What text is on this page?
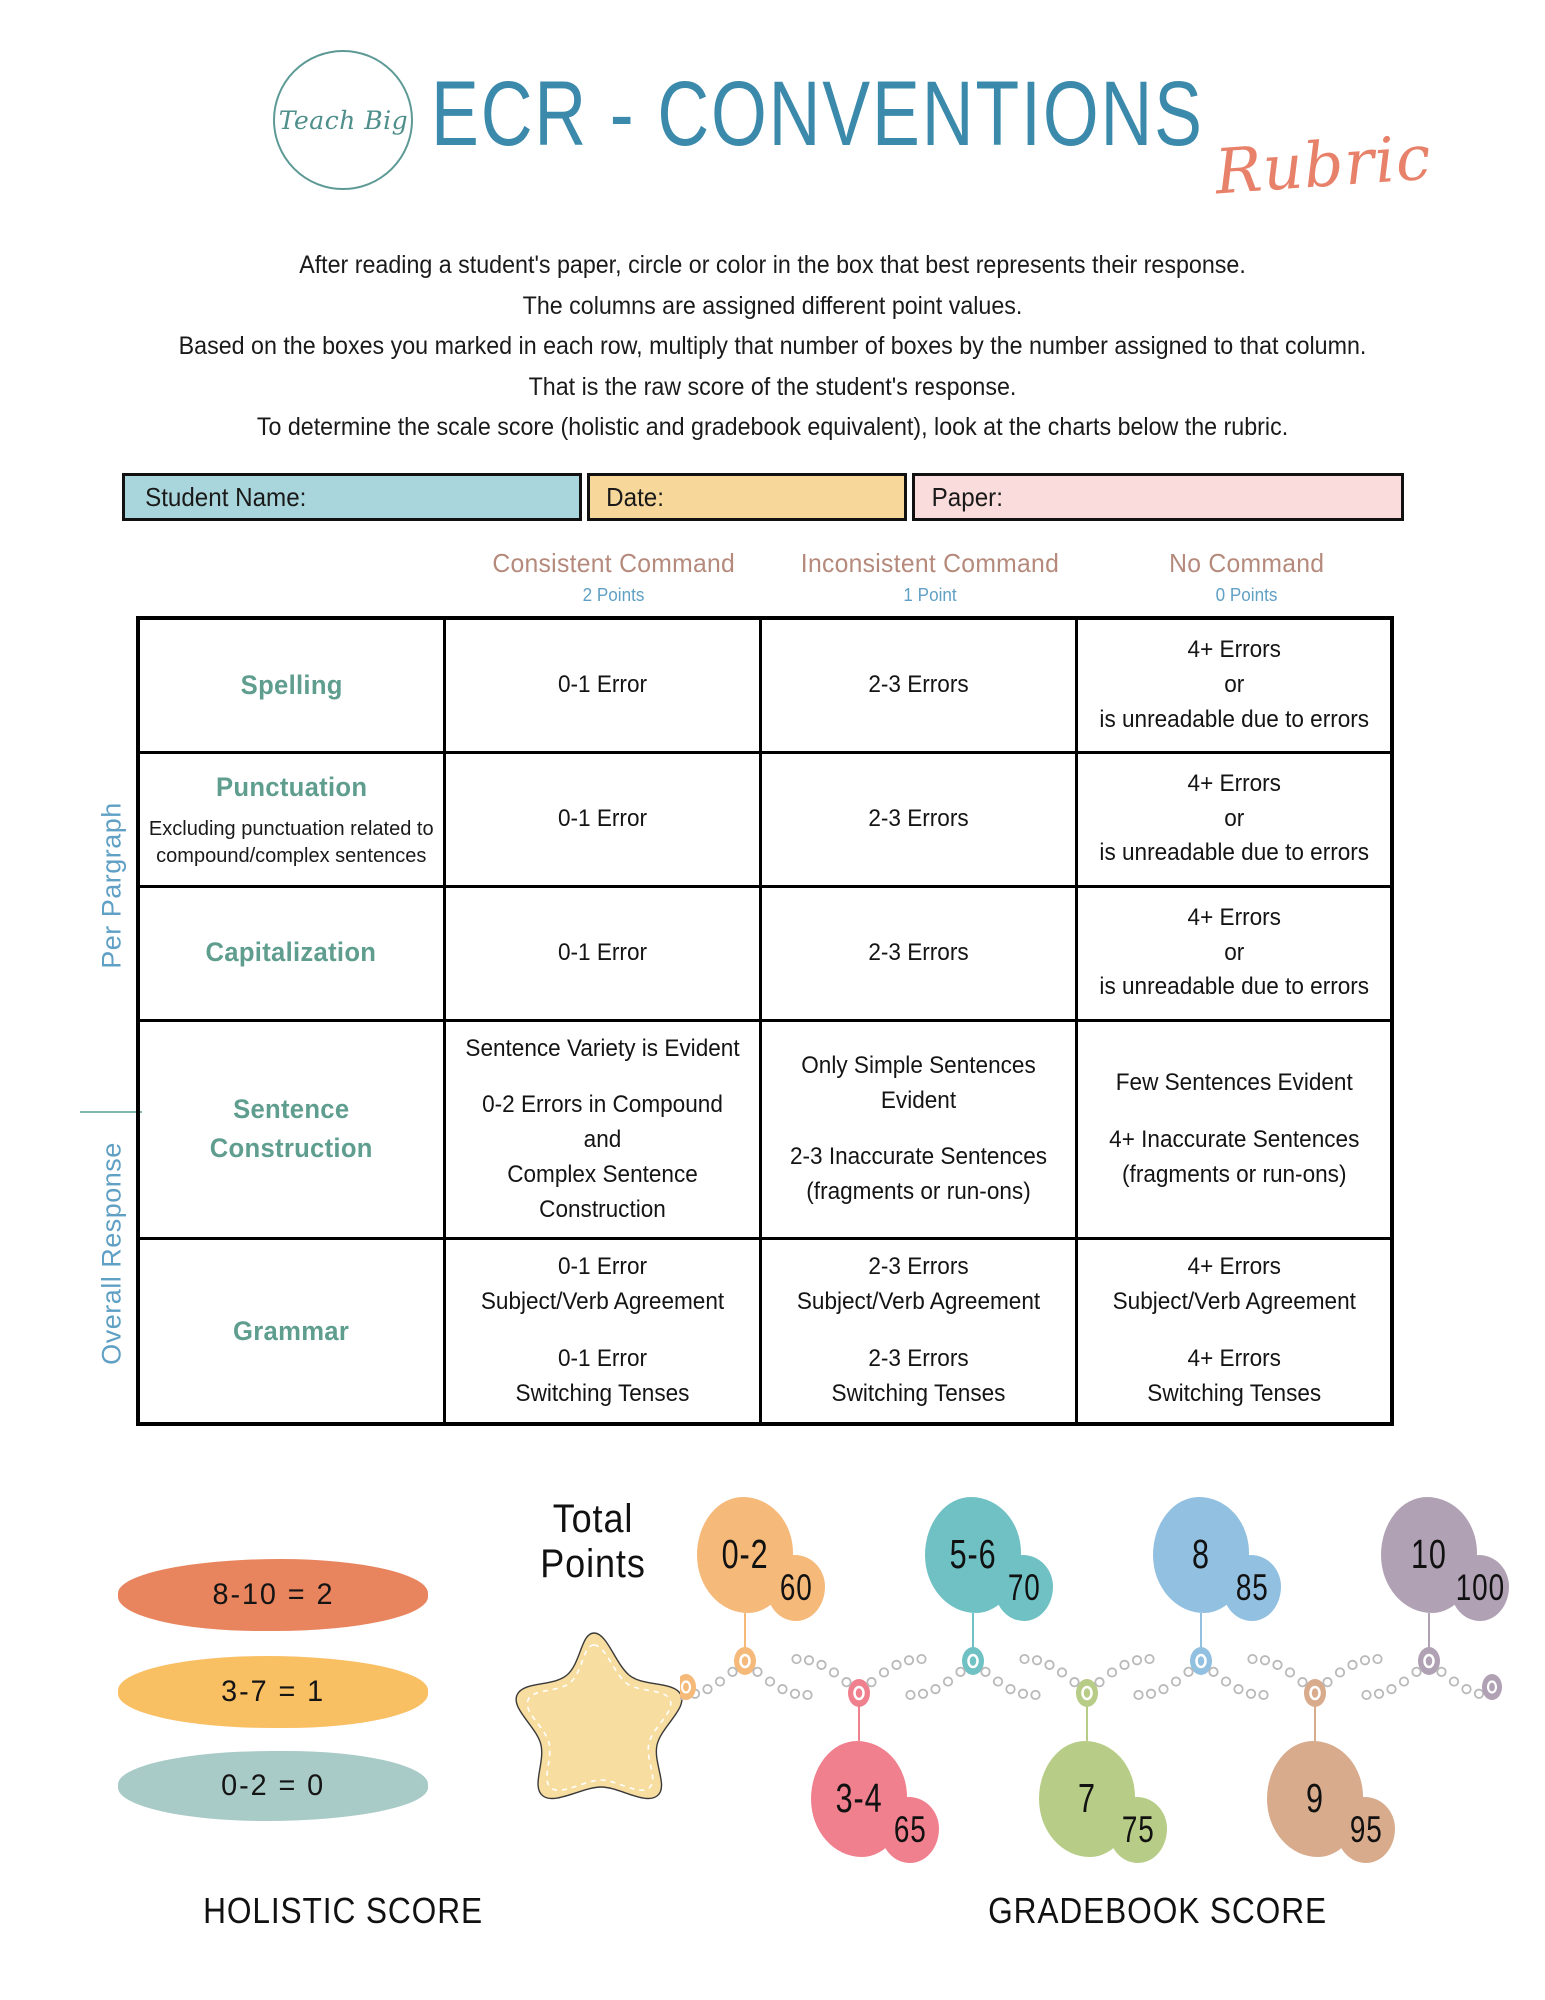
Teach Big ECR - CONVENTIONS Rubric
After reading a student's paper, circle or color in the box that best represents their response.
The columns are assigned different point values.
Based on the boxes you marked in each row, multiply that number of boxes by the number assigned to that column.
That is the raw score of the student's response.
To determine the scale score (holistic and gradebook equivalent), look at the charts below the rubric.
Student Name:	Date:	Paper:
Consistent Command
2 Points
Inconsistent Command
1 Point
No Command
0 Points
Per Pargraph
Overall Response
Spelling	0-1 Error	2-3 Errors	4+ Errors
or
is unreadable due to errors

Punctuation
Excluding punctuation related to compound/complex sentences	0-1 Error	2-3 Errors	4+ Errors
or
is unreadable due to errors

Capitalization	0-1 Error	2-3 Errors	4+ Errors
or
is unreadable due to errors

Sentence Construction	Sentence Variety is Evident
0-2 Errors in Compound and
Complex Sentence Construction	Only Simple Sentences Evident
2-3 Inaccurate Sentences
(fragments or run-ons)	Few Sentences Evident
4+ Inaccurate Sentences
(fragments or run-ons)

Grammar	0-1 Error
Subject/Verb Agreement
0-1 Error
Switching Tenses	2-3 Errors
Subject/Verb Agreement
2-3 Errors
Switching Tenses	4+ Errors
Subject/Verb Agreement
4+ Errors
Switching Tenses
8-10 = 2
3-7 = 1
0-2 = 0
Total
Points	0-2
60
3-4
65
5-6
70
7
75
8
85
9
95
10
100
HOLISTIC SCORE	GRADEBOOK SCORE
